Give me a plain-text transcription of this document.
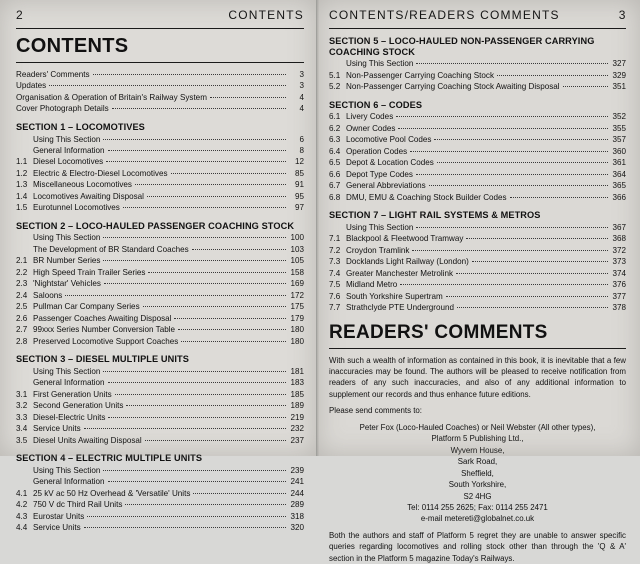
2	CONTENTS
CONTENTS
Readers' Comments	3
Updates	3
Organisation & Operation of Britain's Railway System	4
Cover Photograph Details	4
SECTION 1 – LOCOMOTIVES
Using This Section	6
General Information	8
1.1 Diesel Locomotives	12
1.2 Electric & Electro-Diesel Locomotives	85
1.3 Miscellaneous Locomotives	91
1.4 Locomotives Awaiting Disposal	95
1.5 Eurotunnel Locomotives	97
SECTION 2 – LOCO-HAULED PASSENGER COACHING STOCK
Using This Section	100
The Development of BR Standard Coaches	103
2.1 BR Number Series	105
2.2 High Speed Train Trailer Series	158
2.3 'Nightstar' Vehicles	169
2.4 Saloons	172
2.5 Pullman Car Company Series	175
2.6 Passenger Coaches Awaiting Disposal	179
2.7 99xxx Series Number Conversion Table	180
2.8 Preserved Locomotive Support Coaches	180
SECTION 3 – DIESEL MULTIPLE UNITS
Using This Section	181
General Information	183
3.1 First Generation Units	185
3.2 Second Generation Units	189
3.3 Diesel-Electric Units	219
3.4 Service Units	232
3.5 Diesel Units Awaiting Disposal	237
SECTION 4 – ELECTRIC MULTIPLE UNITS
Using This Section	239
General Information	241
4.1 25 kV ac 50 Hz Overhead & 'Versatile' Units	244
4.2 750 V dc Third Rail Units	289
4.3 Eurostar Units	318
4.4 Service Units	320
CONTENTS/READERS COMMENTS	3
SECTION 5 – LOCO-HAULED NON-PASSENGER CARRYING COACHING STOCK
Using This Section	327
5.1 Non-Passenger Carrying Coaching Stock	329
5.2 Non-Passenger Carrying Coaching Stock Awaiting Disposal	351
SECTION 6 – CODES
6.1 Livery Codes	352
6.2 Owner Codes	355
6.3 Locomotive Pool Codes	357
6.4 Operation Codes	360
6.5 Depot & Location Codes	361
6.6 Depot Type Codes	364
6.7 General Abbreviations	365
6.8 DMU, EMU & Coaching Stock Builder Codes	366
SECTION 7 – LIGHT RAIL SYSTEMS & METROS
Using This Section	367
7.1 Blackpool & Fleetwood Tramway	368
7.2 Croydon Tramlink	372
7.3 Docklands Light Railway (London)	373
7.4 Greater Manchester Metrolink	374
7.5 Midland Metro	376
7.6 South Yorkshire Supertram	377
7.7 Strathclyde PTE Underground	378
READERS' COMMENTS

With such a wealth of information as contained in this book, it is inevitable that a few inaccuracies may be found. The authors will be pleased to receive notification from readers of any such inaccuracies, and also of any additional information to supplement our records and thus enhance future editions.

Please send comments to:

Peter Fox (Loco-Hauled Coaches) or Neil Webster (All other types),
Platform 5 Publishing Ltd.,
Wyvern House,
Sark Road,
Sheffield,
South Yorkshire,
S2 4HG
Tel: 0114 255 2625; Fax: 0114 255 2471
e-mail metereti@globalnet.co.uk

Both the authors and staff of Platform 5 regret they are unable to answer specific queries regarding locomotives and rolling stock other than through the 'Q & A' section in the Platform 5 magazine Today's Railways.
